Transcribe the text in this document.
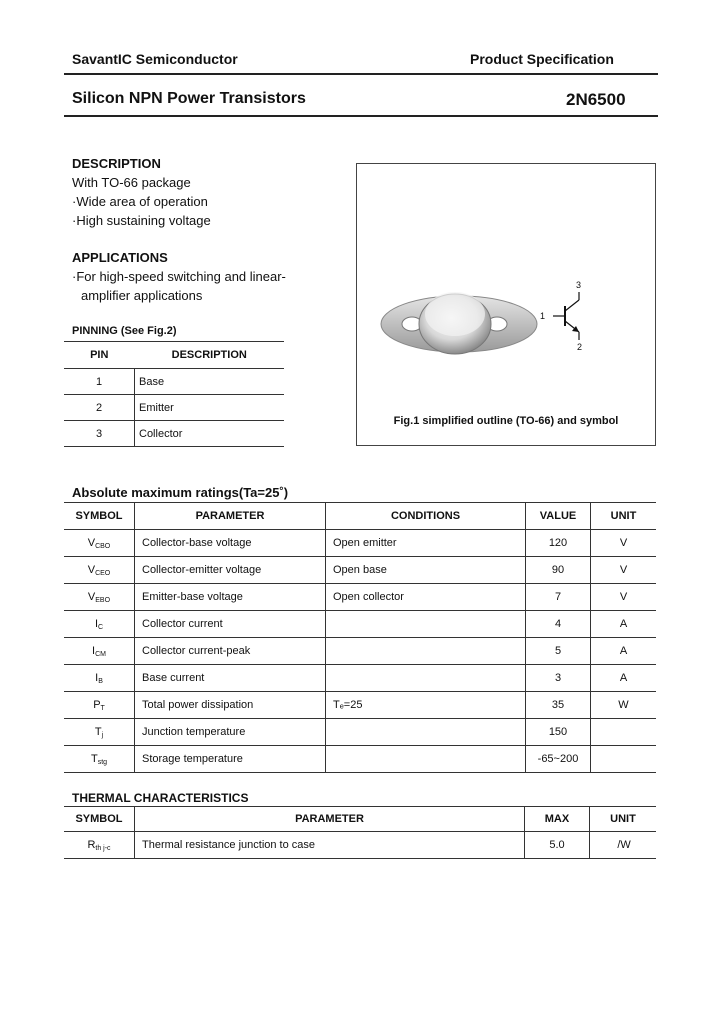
SavantIC Semiconductor	Product Specification
Silicon NPN Power Transistors	2N6500
DESCRIPTION
With TO-66 package
·Wide area of operation
·High sustaining voltage
APPLICATIONS
·For high-speed switching and linear-
amplifier applications
PINNING (See Fig.2)
PIN	DESCRIPTION
1	Base
2	Emitter
3	Collector
1
2
3
Fig.1 simplified outline (TO-66) and symbol
Absolute maximum ratings(Ta=25˚)
SYMBOL	PARAMETER	CONDITIONS	VALUE	UNIT
$V_{CBO}$	Collector-base voltage	Open emitter	120	V
$V_{CEO}$	Collector-emitter voltage	Open base	90	V
$V_{EBO}$	Emitter-base voltage	Open collector	7	V
$I_C$	Collector current		4	A
$I_{CM}$	Collector current-peak		5	A
$I_B$	Base current		3	A
$P_T$	Total power dissipation	Tₑ=25 	35	W
$T_j$	Junction temperature		150	 
$T_{stg}$	Storage temperature		-65~200	 
THERMAL CHARACTERISTICS
SYMBOL	PARAMETER	MAX	UNIT
$R_{th j-c}$	Thermal resistance junction to case	5.0	 /W
